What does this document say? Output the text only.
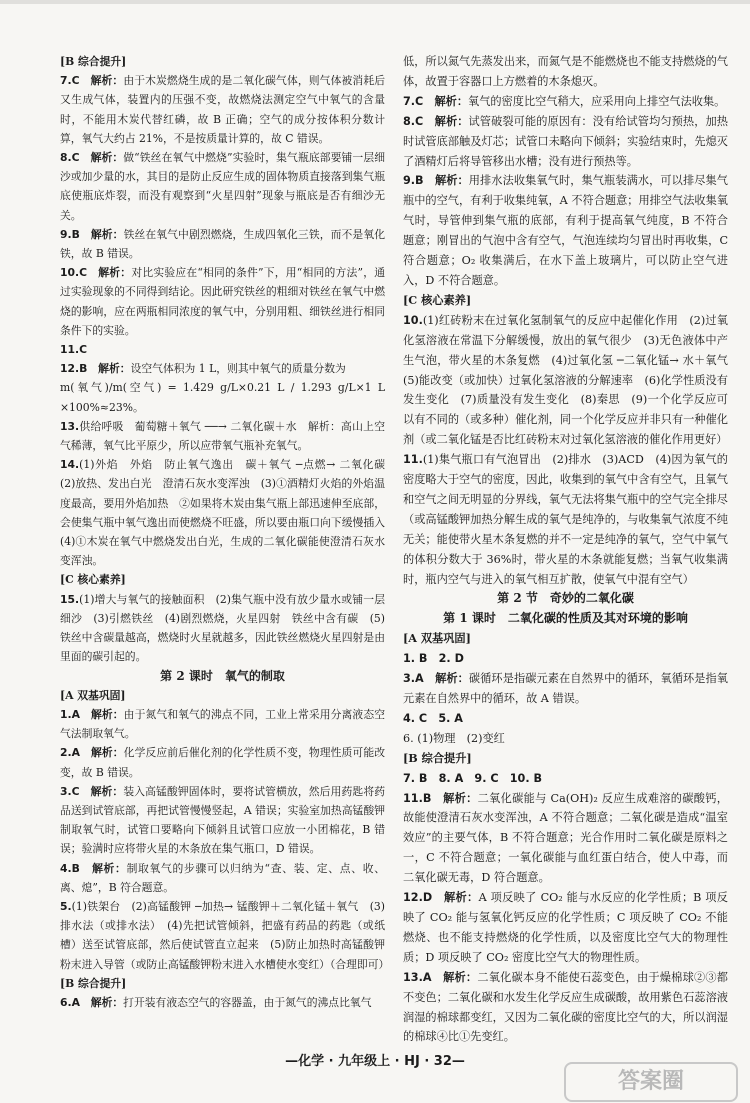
[B 综合提升]

7.C　 解析：由于木炭燃烧生成的是二氧化碳气体，则气体被消耗后又生成气体，装置内的压强不变，故燃烧法测定空气中氧气的含量时，不能用木炭代替红磷，故 B 正确；空气的成分按体积分数计算，氧气大约占 21%，不是按质量计算的，故 C 错误。

8.C　 解析：做“铁丝在氧气中燃烧”实验时，集气瓶底部要铺一层细沙或加少量的水，其目的是防止反应生成的固体物质直接落到集气瓶底使瓶底炸裂，而没有观察到“火星四射”现象与瓶底是否有细沙无关。

9.B　 解析：铁丝在氧气中剧烈燃烧，生成四氧化三铁，而不是氧化铁，故 B 错误。

10.C　 解析：对比实验应在“相同的条件”下，用“相同的方法”，通过实验现象的不同得到结论。因此研究铁丝的粗细对铁丝在氧气中燃烧的影响，应在两瓶相同浓度的氧气中，分别用粗、细铁丝进行相同条件下的实验。

11.C

12.B　 解析：设空气体积为 1 L，则其中氧气的质量分数为
m(氧气)/m(空气) = 1.429 g/L×0.21 L / 1.293 g/L×1 L ×100%≈23%。

13.供给呼吸　葡萄糖＋氧气 ──→ 二氧化碳＋水　解析：高山上空气稀薄，氧气比平原少，所以应带氧气瓶补充氧气。

14.(1)外焰　外焰　防止氧气逸出　碳＋氧气 ─点燃→ 二氧化碳　(2)放热、发出白光　澄清石灰水变浑浊　(3)①酒精灯火焰的外焰温度最高，要用外焰加热　②如果将木炭由集气瓶上部迅速伸至底部，会使集气瓶中氧气逸出而使燃烧不旺盛，所以要由瓶口向下缓慢插入　(4)①木炭在氧气中燃烧发出白光，生成的二氧化碳能使澄清石灰水变浑浊。

[C 核心素养]

15.(1)增大与氧气的接触面积　(2)集气瓶中没有放少量水或铺一层细沙　(3)引燃铁丝　(4)剧烈燃烧，火星四射　铁丝中含有碳　(5)铁丝中含碳量越高，燃烧时火星就越多，因此铁丝燃烧火星四射是由里面的碳引起的。

第 2 课时　氧气的制取

[A 双基巩固]

1.A　 解析：由于氮气和氧气的沸点不同，工业上常采用分离液态空气法制取氧气。

2.A　 解析：化学反应前后催化剂的化学性质不变，物理性质可能改变，故 B 错误。

3.C　 解析：装入高锰酸钾固体时，要将试管横放，然后用药匙将药品送到试管底部，再把试管慢慢竖起，A 错误；实验室加热高锰酸钾制取氧气时，试管口要略向下倾斜且试管口应放一小团棉花，B 错误；验满时应将带火星的木条放在集气瓶口，D 错误。

4.B　 解析：制取氧气的步骤可以归纳为“查、装、定、点、收、离、熄”，B 符合题意。

5.(1)铁架台　(2)高锰酸钾 ─加热→ 锰酸钾＋二氧化锰＋氧气　(3)排水法（或排水法）　(4)先把试管倾斜，把盛有药品的药匙（或纸槽）送至试管底部，然后使试管直立起来　(5)防止加热时高锰酸钾粉末进入导管（或防止高锰酸钾粉末进入水槽使水变红）（合理即可）

[B 综合提升]

6.A　 解析：打开装有液态空气的容器盖，由于氮气的沸点比氧气

低，所以氮气先蒸发出来，而氮气是不能燃烧也不能支持燃烧的气体，故置于容器口上方燃着的木条熄灭。

7.C　 解析：氧气的密度比空气稍大，应采用向上排空气法收集。

8.C　 解析：试管破裂可能的原因有：没有给试管均匀预热，加热时试管底部触及灯芯；试管口未略向下倾斜；实验结束时，先熄灭了酒精灯后将导管移出水槽；没有进行预热等。

9.B　 解析：用排水法收集氧气时，集气瓶装满水，可以排尽集气瓶中的空气，有利于收集纯氧，A 不符合题意；用排空气法收集氧气时，导管伸到集气瓶的底部，有利于提高氧气纯度，B 不符合题意；刚冒出的气泡中含有空气，气泡连续均匀冒出时再收集，C 符合题意；O₂ 收集满后，在水下盖上玻璃片，可以防止空气进入，D 不符合题意。

[C 核心素养]

10.(1)红砖粉末在过氧化氢制氧气的反应中起催化作用　(2)过氧化氢溶液在常温下分解缓慢，放出的氧气很少　(3)无色液体中产生气泡，带火星的木条复燃　(4)过氧化氢 ─二氧化锰→ 水＋氧气　(5)能改变（或加快）过氧化氢溶液的分解速率　(6)化学性质没有发生变化　(7)质量没有发生变化　(8)秦思　(9)一个化学反应可以有不同的（或多种）催化剂，同一个化学反应并非只有一种催化剂（或二氧化锰是否比红砖粉末对过氧化氢溶液的催化作用更好）

11.(1)集气瓶口有气泡冒出　(2)排水　(3)ACD　(4)因为氧气的密度略大于空气的密度，因此，收集到的氧气中含有空气，且氧气和空气之间无明显的分界线，氧气无法将集气瓶中的空气完全排尽（或高锰酸钾加热分解生成的氧气是纯净的，与收集氧气浓度不纯无关；能使带火星木条复燃的并不一定是纯净的氧气，空气中氧气的体积分数大于 36%时，带火星的木条就能复燃；当氧气收集满时，瓶内空气与进入的氧气相互扩散，使氧气中混有空气）

第 2 节　奇妙的二氧化碳

第 1 课时　二氧化碳的性质及其对环境的影响

[A 双基巩固]

1. B　2. D

3.A　 解析：碳循环是指碳元素在自然界中的循环，氧循环是指氧元素在自然界中的循环，故 A 错误。

4. C　5. A

6. (1)物理　(2)变红

[B 综合提升]

7. B　8. A　9. C　10. B

11.B　 解析：二氧化碳能与 Ca(OH)₂ 反应生成难溶的碳酸钙，故能使澄清石灰水变浑浊，A 不符合题意；二氧化碳是造成“温室效应”的主要气体，B 不符合题意；光合作用时二氧化碳是原料之一，C 不符合题意；一氧化碳能与血红蛋白结合，使人中毒，而二氧化碳无毒，D 符合题意。

12.D　 解析：A 项反映了 CO₂ 能与水反应的化学性质；B 项反映了 CO₂ 能与氢氧化钙反应的化学性质；C 项反映了 CO₂ 不能燃烧、也不能支持燃烧的化学性质，以及密度比空气大的物理性质；D 项反映了 CO₂ 密度比空气大的物理性质。

13.A　 解析：二氧化碳本身不能使石蕊变色，由于燥棉球②③都不变色；二氧化碳和水发生化学反应生成碳酸，故用紫色石蕊溶液润湿的棉球都变红，又因为二氧化碳的密度比空气的大，所以润湿的棉球④比①先变红。

—化学 · 九年级上 · HJ · 32—
答案圈
